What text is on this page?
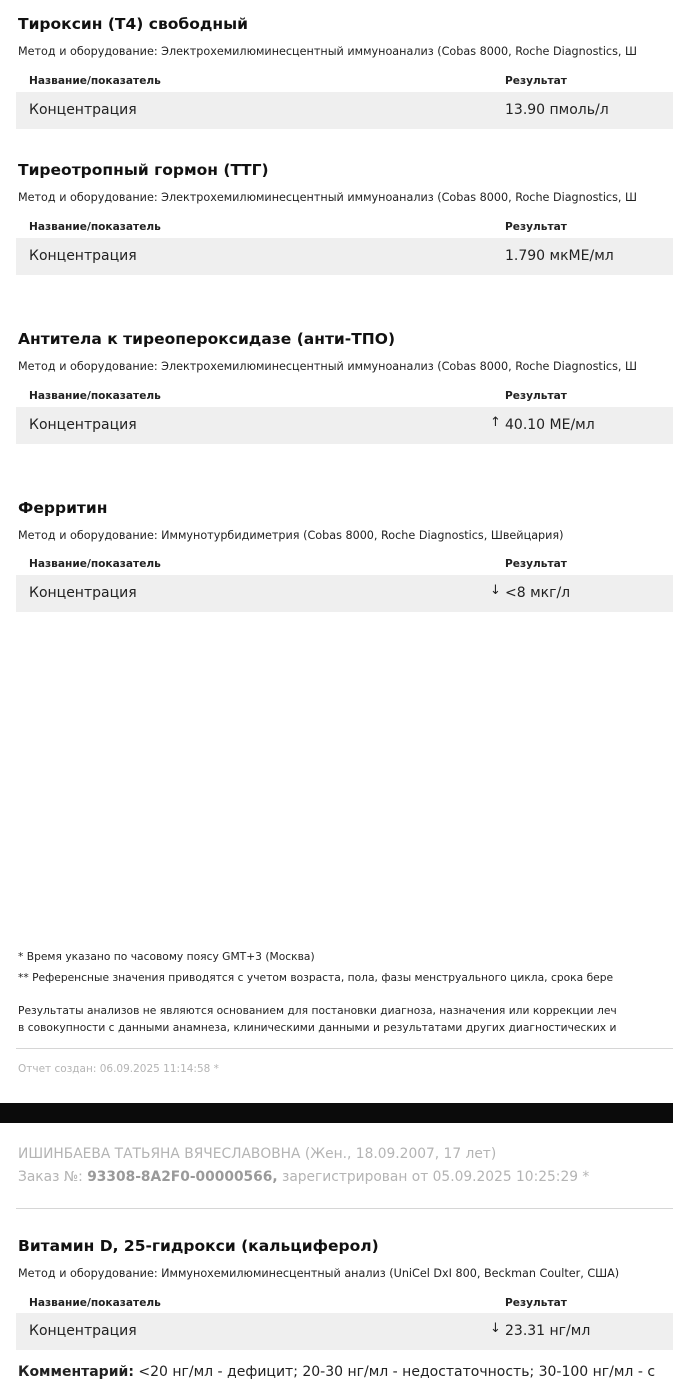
Тироксин (Т4) свободный
Метод и оборудование: Электрохемилюминесцентный иммуноанализ (Cobas 8000, Roche Diagnostics, Ш
Название/показатель	Результат
Концентрация	13.90 пмоль/л
Тиреотропный гормон (ТТГ)
Метод и оборудование: Электрохемилюминесцентный иммуноанализ (Cobas 8000, Roche Diagnostics, Ш
Название/показатель	Результат
Концентрация	1.790 мкМЕ/мл
Антитела к тиреопероксидазе (анти-ТПО)
Метод и оборудование: Электрохемилюминесцентный иммуноанализ (Cobas 8000, Roche Diagnostics, Ш
Название/показатель	Результат
Концентрация	↑ 40.10 МЕ/мл
Ферритин
Метод и оборудование: Иммунотурбидиметрия (Cobas 8000, Roche Diagnostics, Швейцария)
Название/показатель	Результат
Концентрация	↓ <8 мкг/л
* Время указано по часовому поясу GMT+3 (Москва)
** Референсные значения приводятся с учетом возраста, пола, фазы менструального цикла, срока бере
Результаты анализов не являются основанием для постановки диагноза, назначения или коррекции леч
в совокупности с данными анамнеза, клиническими данными и результатами других диагностических и
Отчет создан: 06.09.2025 11:14:58 *
ИШИНБАЕВА ТАТЬЯНА ВЯЧЕСЛАВОВНА (Жен., 18.09.2007, 17 лет)
Заказ №: 93308-8A2F0-00000566, зарегистрирован от 05.09.2025 10:25:29 *
Витамин D, 25-гидрокси (кальциферол)
Метод и оборудование: Иммунохемилюминесцентный анализ (UniCel DxI 800, Beckman Coulter, США)
Название/показатель	Результат
Концентрация	↓ 23.31 нг/мл
Комментарий: <20 нг/мл - дефицит; 20-30 нг/мл - недостаточность; 30-100 нг/мл - с
